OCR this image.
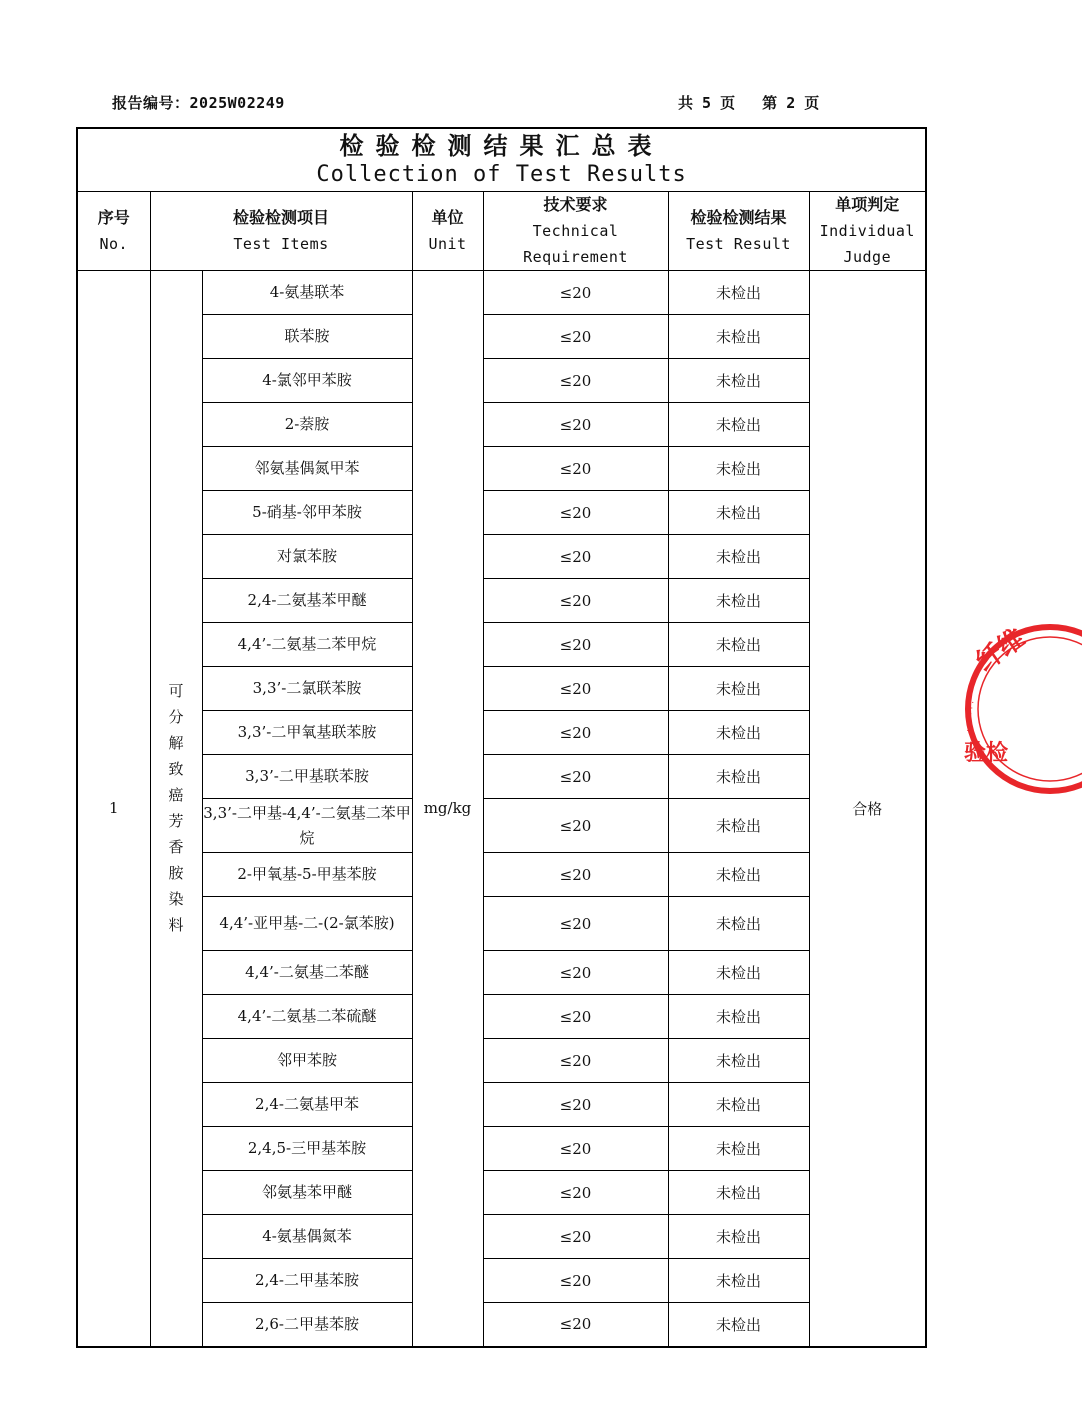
报告编号：2025W02249	共 5 页   第 2 页
检验检测结果汇总表
Collection of Test Results						

序号
No.	检验检测项目
Test Items		单位
Unit	技术要求
Technical
Requirement	检验检测结果
Test Result	单项判定
Individual
Judge

1	可分解致癌芳香胺染料	4-氨基联苯	mg/kg	≤20	未检出	合格
		联苯胺		≤20	未检出	
		4-氯邻甲苯胺		≤20	未检出	
		2-萘胺		≤20	未检出	
		邻氨基偶氮甲苯		≤20	未检出	
		5-硝基-邻甲苯胺		≤20	未检出	
		对氯苯胺		≤20	未检出	
		2,4-二氨基苯甲醚		≤20	未检出	
		4,4’-二氨基二苯甲烷		≤20	未检出	
		3,3’-二氯联苯胺		≤20	未检出	
		3,3’-二甲氧基联苯胺		≤20	未检出	
		3,3’-二甲基联苯胺		≤20	未检出	
		3,3’-二甲基-4,4’-二氨基二苯甲烷		≤20	未检出	
		2-甲氧基-5-甲基苯胺		≤20	未检出	
		4,4’-亚甲基-二-(2-氯苯胺)		≤20	未检出	
		4,4’-二氨基二苯醚		≤20	未检出	
		4,4’-二氨基二苯硫醚		≤20	未检出	
		邻甲苯胺		≤20	未检出	
		2,4-二氨基甲苯		≤20	未检出	
		2,4,5-三甲基苯胺		≤20	未检出	
		邻氨基苯甲醚		≤20	未检出	
		4-氨基偶氮苯		≤20	未检出	
		2,4-二甲基苯胺		≤20	未检出	
		2,6-二甲基苯胺		≤20	未检出	
纤维
验检
. . . . . .
